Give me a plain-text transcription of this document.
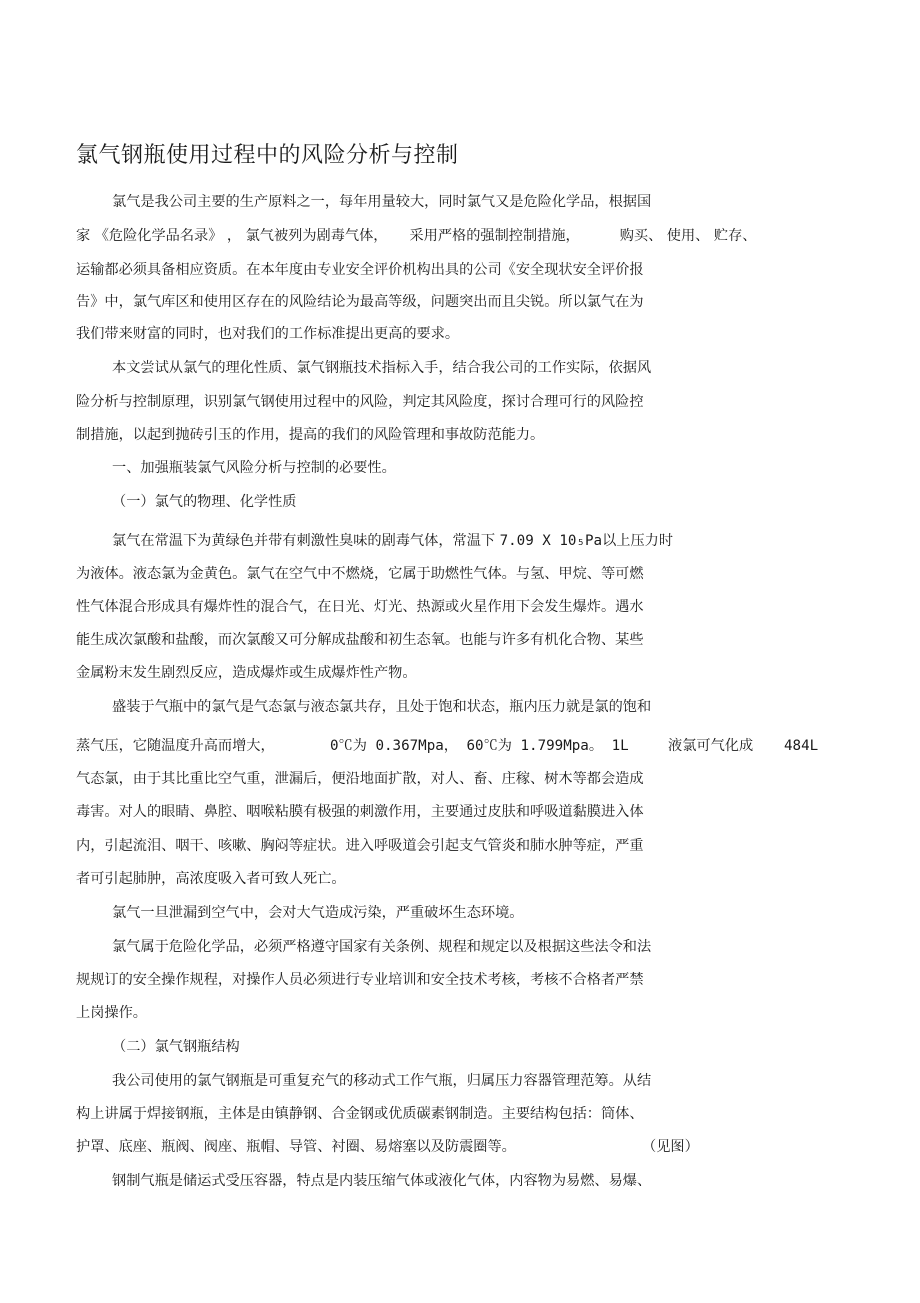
氯气钢瓶使用过程中的风险分析与控制

氯气是我公司主要的生产原料之一，每年用量较大，同时氯气又是危险化学品，根据国

家 《危险化学品名录》 ， 氯气被列为剧毒气体， 采用严格的强制控制措施，	购买、 使用、 贮存、

运输都必须具备相应资质。在本年度由专业安全评价机构出具的公司《安全现状安全评价报

告》中，氯气库区和使用区存在的风险结论为最高等级，问题突出而且尖锐。所以氯气在为

我们带来财富的同时，也对我们的工作标准提出更高的要求。

本文尝试从氯气的理化性质、氯气钢瓶技术指标入手，结合我公司的工作实际，依据风

险分析与控制原理，识别氯气钢使用过程中的风险，判定其风险度，探讨合理可行的风险控

制措施，以起到抛砖引玉的作用，提高的我们的风险管理和事故防范能力。

一、加强瓶装氯气风险分析与控制的必要性。

（一）氯气的物理、化学性质

氯气在常温下为黄绿色并带有刺激性臭味的剧毒气体，常温下 7.09 X 10₅Pa以上压力时

为液体。液态氯为金黄色。氯气在空气中不燃烧，它属于助燃性气体。与氢、甲烷、等可燃

性气体混合形成具有爆炸性的混合气，在日光、灯光、热源或火星作用下会发生爆炸。遇水

能生成次氯酸和盐酸，而次氯酸又可分解成盐酸和初生态氧。也能与许多有机化合物、某些

金属粉末发生剧烈反应，造成爆炸或生成爆炸性产物。

盛装于气瓶中的氯气是气态氯与液态氯共存，且处于饱和状态，瓶内压力就是氯的饱和

蒸气压，它随温度升高而增大，	0℃为 0.367Mpa， 60℃为 1.799Mpa。 1L	液氯可气化成 484L

气态氯，由于其比重比空气重，泄漏后，便沿地面扩散，对人、畜、庄稼、树木等都会造成

毒害。对人的眼睛、鼻腔、咽喉粘膜有极强的刺激作用，主要通过皮肤和呼吸道黏膜进入体

内，引起流泪、咽干、咳嗽、胸闷等症状。进入呼吸道会引起支气管炎和肺水肿等症，严重

者可引起肺肿，高浓度吸入者可致人死亡。

氯气一旦泄漏到空气中，会对大气造成污染，严重破坏生态环境。

氯气属于危险化学品，必须严格遵守国家有关条例、规程和规定以及根据这些法令和法

规规订的安全操作规程，对操作人员必须进行专业培训和安全技术考核，考核不合格者严禁

上岗操作。

（二）氯气钢瓶结构

我公司使用的氯气钢瓶是可重复充气的移动式工作气瓶，归属压力容器管理范筹。从结

构上讲属于焊接钢瓶，主体是由镇静钢、合金钢或优质碳素钢制造。主要结构包括：筒体、

护罩、底座、瓶阀、阀座、瓶帽、导管、衬圈、易熔塞以及防震圈等。	（见图）

钢制气瓶是储运式受压容器，特点是内装压缩气体或液化气体，内容物为易燃、易爆、
